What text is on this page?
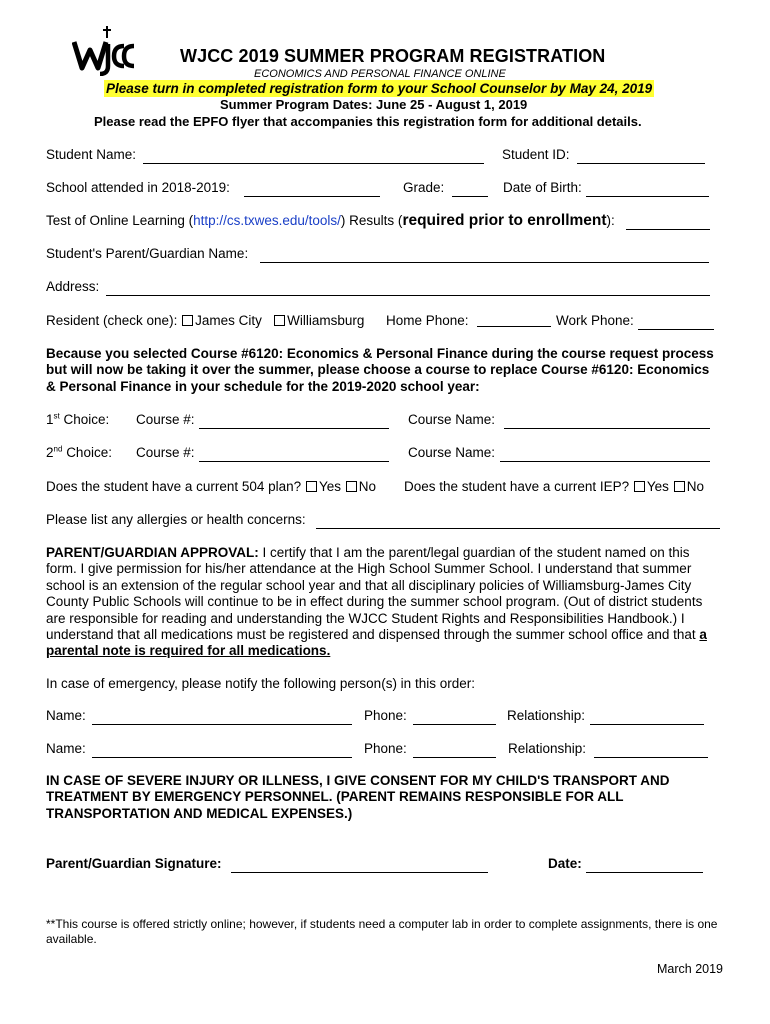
WJCC 2019 SUMMER PROGRAM REGISTRATION
ECONOMICS AND PERSONAL FINANCE ONLINE
Please turn in completed registration form to your School Counselor by May 24, 2019
Summer Program Dates: June 25 - August 1, 2019
Please read the EPFO flyer that accompanies this registration form for additional details.
Student Name:	Student ID:
School attended in 2018-2019:	Grade:	Date of Birth:
Test of Online Learning (http://cs.txwes.edu/tools/) Results (required prior to enrollment):
Student's Parent/Guardian Name:
Address:
Resident (check one): James City Williamsburg Home Phone:	Work Phone:
Because you selected Course #6120: Economics & Personal Finance during the course request process but will now be taking it over the summer, please choose a course to replace Course #6120: Economics & Personal Finance in your schedule for the 2019-2020 school year:
1st Choice: Course #:	Course Name:
2nd Choice: Course #:	Course Name:
Does the student have a current 504 plan? Yes No Does the student have a current IEP? Yes No
Please list any allergies or health concerns:
PARENT/GUARDIAN APPROVAL: I certify that I am the parent/legal guardian of the student named on this form. I give permission for his/her attendance at the High School Summer School. I understand that summer school is an extension of the regular school year and that all disciplinary policies of Williamsburg-James City County Public Schools will continue to be in effect during the summer school program. (Out of district students are responsible for reading and understanding the WJCC Student Rights and Responsibilities Handbook.) I understand that all medications must be registered and dispensed through the summer school office and that a parental note is required for all medications.
In case of emergency, please notify the following person(s) in this order:
Name:	Phone:	Relationship:
Name:	Phone:	Relationship:
IN CASE OF SEVERE INJURY OR ILLNESS, I GIVE CONSENT FOR MY CHILD'S TRANSPORT AND TREATMENT BY EMERGENCY PERSONNEL. (PARENT REMAINS RESPONSIBLE FOR ALL TRANSPORTATION AND MEDICAL EXPENSES.)
Parent/Guardian Signature:	Date:
**This course is offered strictly online; however, if students need a computer lab in order to complete assignments, there is one available.
March 2019
